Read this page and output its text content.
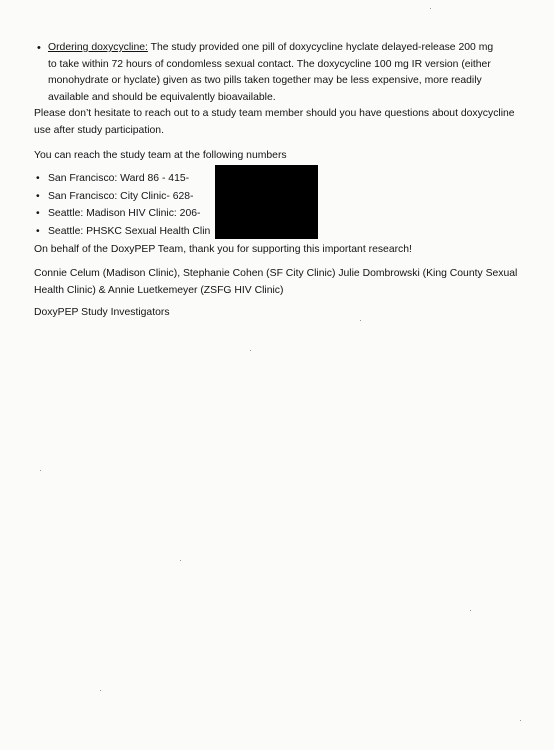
• Ordering doxycycline: The study provided one pill of doxycycline hyclate delayed-release 200 mg
to take within 72 hours of condomless sexual contact. The doxycycline 100 mg IR version (either
monohydrate or hyclate) given as two pills taken together may be less expensive, more readily
available and should be equivalently bioavailable.
Please don’t hesitate to reach out to a study team member should you have questions about doxycycline
use after study participation.
You can reach the study team at the following numbers
• San Francisco: Ward 86 - 415-
• San Francisco: City Clinic- 628-
• Seattle: Madison HIV Clinic: 206-
• Seattle: PHSKC Sexual Health Clin
On behalf of the DoxyPEP Team, thank you for supporting this important research!
Connie Celum (Madison Clinic), Stephanie Cohen (SF City Clinic) Julie Dombrowski (King County Sexual
Health Clinic) & Annie Luetkemeyer (ZSFG HIV Clinic)
DoxyPEP Study Investigators
